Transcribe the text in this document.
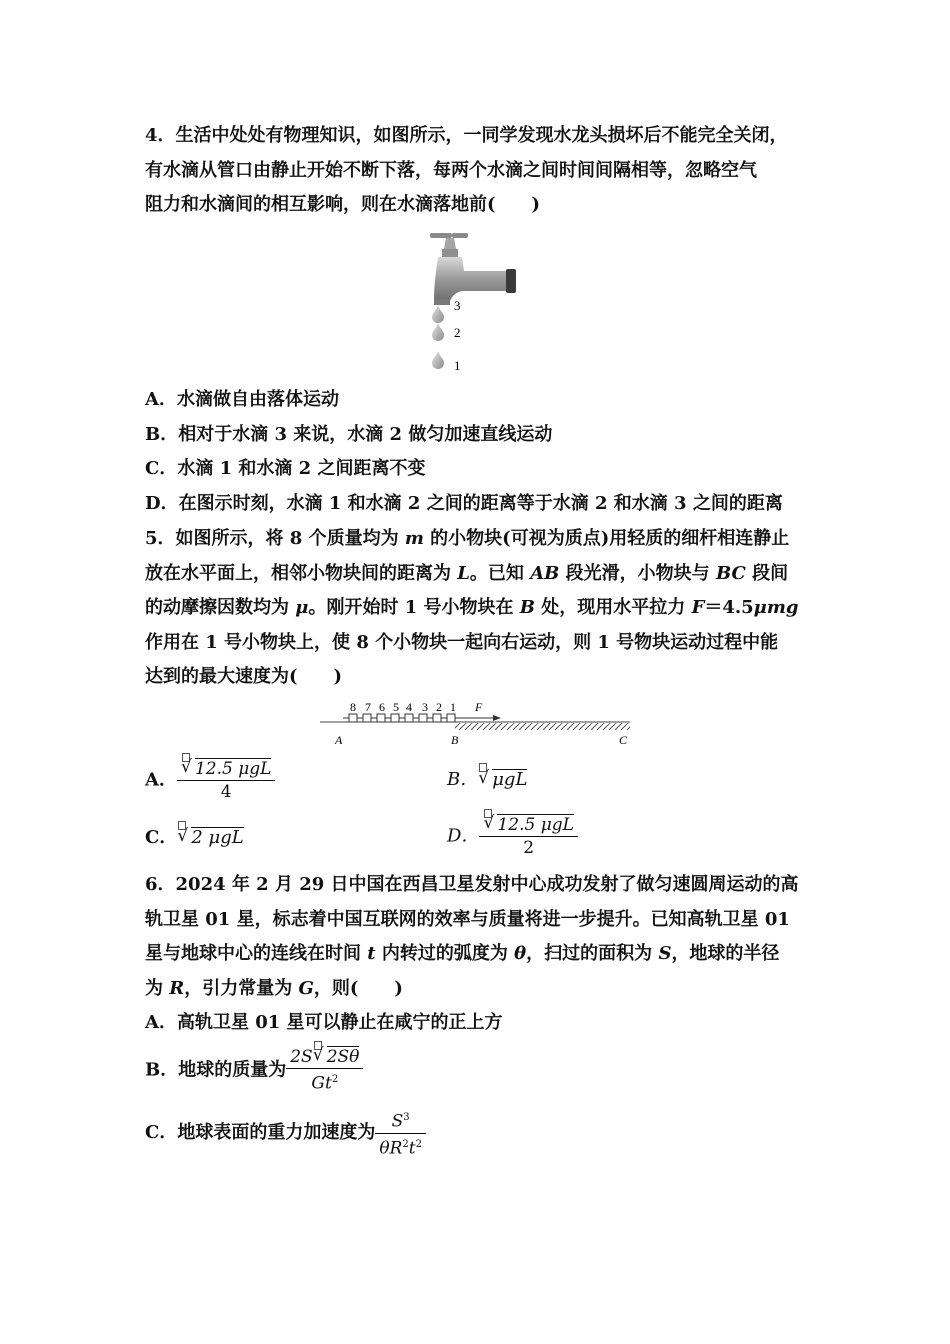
4．生活中处处有物理知识，如图所示，一同学发现水龙头损坏后不能完全关闭，
有水滴从管口由静止开始不断下落，每两个水滴之间时间间隔相等，忽略空气
阻力和水滴间的相互影响，则在水滴落地前(　　)
3
2
1
A．水滴做自由落体运动
B．相对于水滴 3 来说，水滴 2 做匀加速直线运动
C．水滴 1 和水滴 2 之间距离不变
D．在图示时刻，水滴 1 和水滴 2 之间的距离等于水滴 2 和水滴 3 之间的距离
5．如图所示，将 8 个质量均为 m 的小物块(可视为质点)用轻质的细杆相连静止
放在水平面上，相邻小物块间的距离为 L。已知 AB 段光滑，小物块与 BC 段间
的动摩擦因数均为 μ。刚开始时 1 号小物块在 B 处，现用水平拉力 F＝4.5μmg
作用在 1 号小物块上，使 8 个小物块一起向右运动，则 1 号物块运动过程中能
达到的最大速度为(　　)
8 7 6 5 4 3 2 1 F
A	B	C
A． $\frac{\text{√ 12.5 μgL}}{4}$	B． √ μgL
C． √ 2 μgL	D． $\frac{\text{√ 12.5 μgL}}{2}$
6．2024 年 2 月 29 日中国在西昌卫星发射中心成功发射了做匀速圆周运动的高
轨卫星 01 星，标志着中国互联网的效率与质量将进一步提升。已知高轨卫星 01
星与地球中心的连线在时间 t 内转过的弧度为 θ，扫过的面积为 S，地球的半径
为 R，引力常量为 G，则(　　)
A．高轨卫星 01 星可以静止在咸宁的正上方
B．地球的质量为 $\frac{2S √ 2S\theta}{Gt^2}$
C．地球表面的重力加速度为 $\frac{S^3}{\theta R^2t^2}$
